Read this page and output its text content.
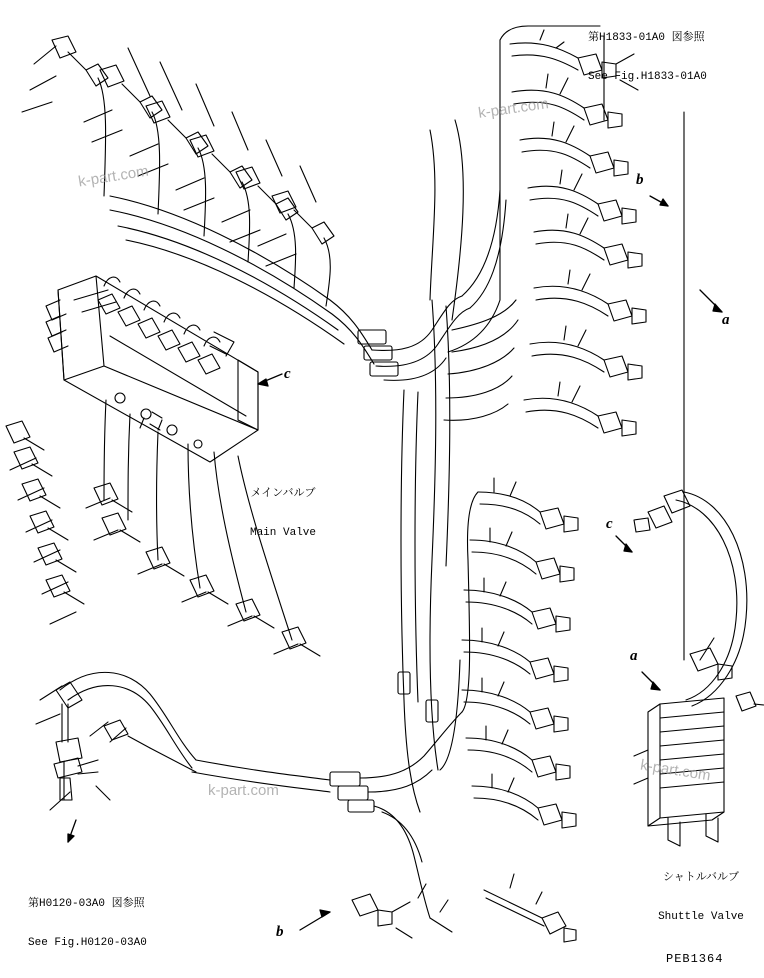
第H1833-01A0 図参照

See Fig.H1833-01A0

第H0120-03A0 図参照

See Fig.H0120-03A0

メインバルブ

Main Valve

シャトルバルブ

Shuttle Valve

b
a
c
c
a
b
PEB1364
k-part.com
k-part.com
k-part.com
k-part.com
